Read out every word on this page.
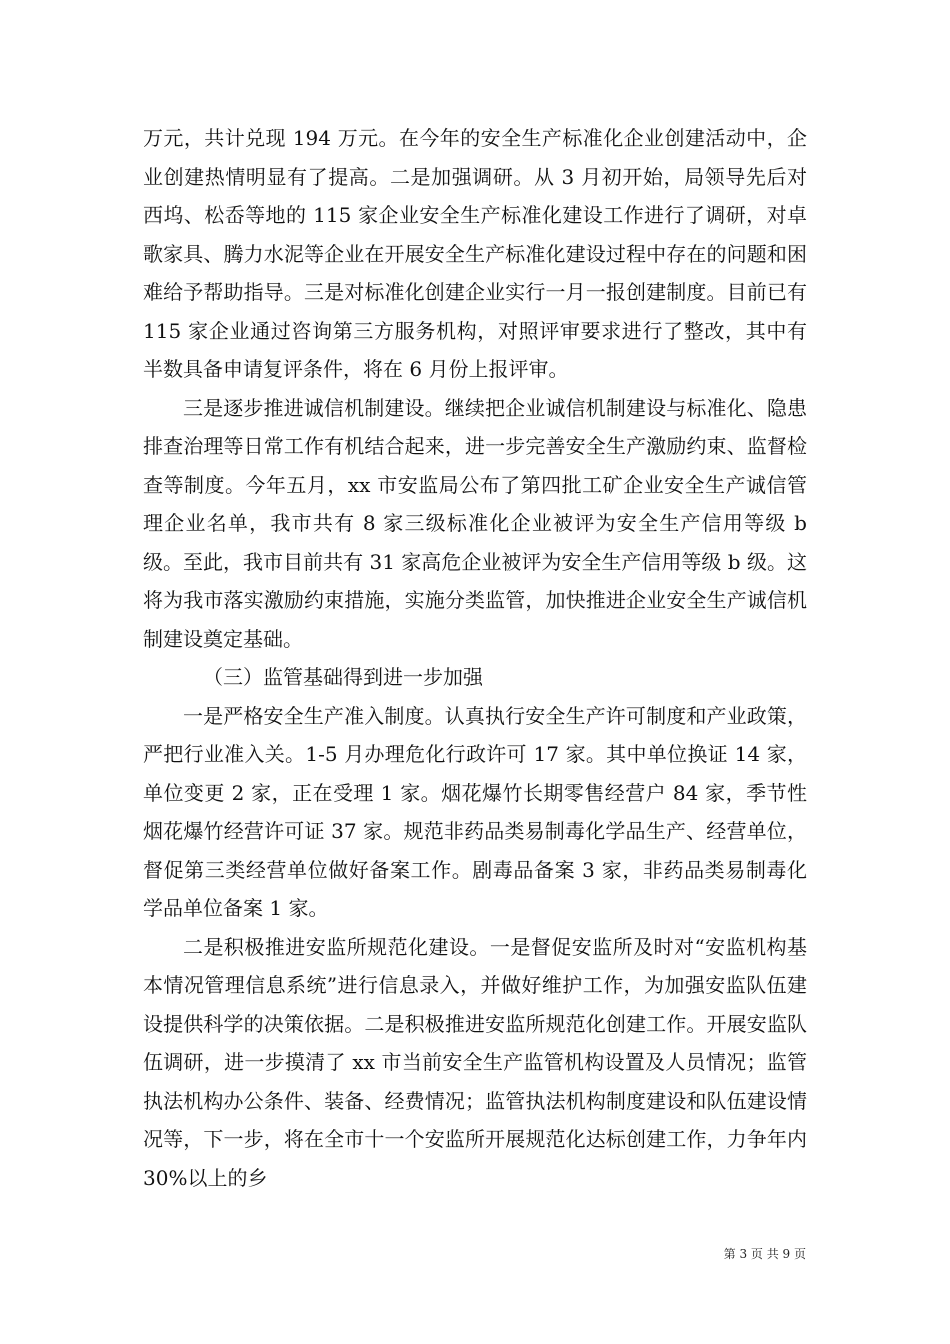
万元，共计兑现 194 万元。在今年的安全生产标准化企业创建活动中，企业创建热情明显有了提高。二是加强调研。从 3 月初开始，局领导先后对西坞、松岙等地的 115 家企业安全生产标准化建设工作进行了调研，对卓歌家具、腾力水泥等企业在开展安全生产标准化建设过程中存在的问题和困难给予帮助指导。三是对标准化创建企业实行一月一报创建制度。目前已有 115 家企业通过咨询第三方服务机构，对照评审要求进行了整改，其中有半数具备申请复评条件，将在 6 月份上报评审。

三是逐步推进诚信机制建设。继续把企业诚信机制建设与标准化、隐患排查治理等日常工作有机结合起来，进一步完善安全生产激励约束、监督检查等制度。今年五月，xx 市安监局公布了第四批工矿企业安全生产诚信管理企业名单，我市共有 8 家三级标准化企业被评为安全生产信用等级 b 级。至此，我市目前共有 31 家高危企业被评为安全生产信用等级 b 级。这将为我市落实激励约束措施，实施分类监管，加快推进企业安全生产诚信机制建设奠定基础。

（三）监管基础得到进一步加强

一是严格安全生产准入制度。认真执行安全生产许可制度和产业政策，严把行业准入关。1-5 月办理危化行政许可 17 家。其中单位换证 14 家，单位变更 2 家，正在受理 1 家。烟花爆竹长期零售经营户 84 家，季节性烟花爆竹经营许可证 37 家。规范非药品类易制毒化学品生产、经营单位，督促第三类经营单位做好备案工作。剧毒品备案 3 家，非药品类易制毒化学品单位备案 1 家。

二是积极推进安监所规范化建设。一是督促安监所及时对“安监机构基本情况管理信息系统”进行信息录入，并做好维护工作，为加强安监队伍建设提供科学的决策依据。二是积极推进安监所规范化创建工作。开展安监队伍调研，进一步摸清了 xx 市当前安全生产监管机构设置及人员情况；监管执法机构办公条件、装备、经费情况；监管执法机构制度建设和队伍建设情况等，下一步，将在全市十一个安监所开展规范化达标创建工作，力争年内 30%以上的乡

第 3 页 共 9 页
